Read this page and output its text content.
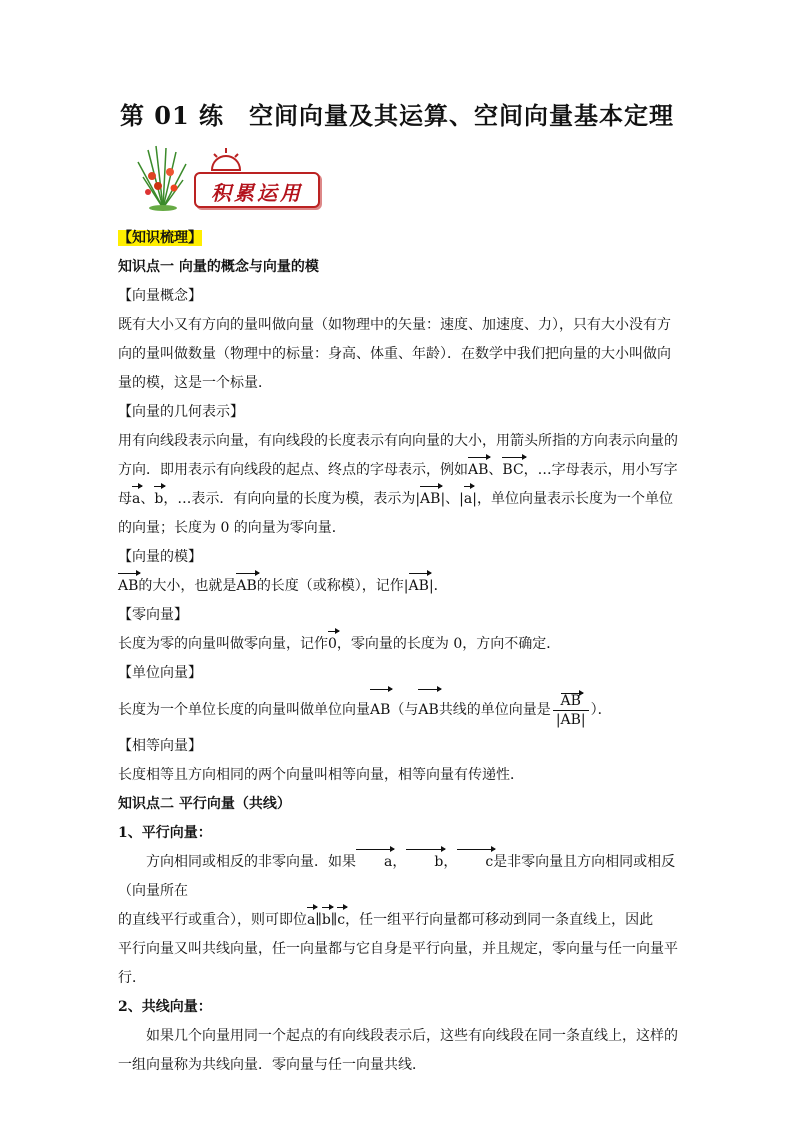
第 01 练　空间向量及其运算、空间向量基本定理
积累运用

【知识梳理】

知识点一 向量的概念与向量的模

【向量概念】

既有大小又有方向的量叫做向量（如物理中的矢量：速度、加速度、力），只有大小没有方

向的量叫做数量（物理中的标量：身高、体重、年龄）．在数学中我们把向量的大小叫做向

量的模，这是一个标量．

【向量的几何表示】

用有向线段表示向量，有向线段的长度表示有向向量的大小，用箭头所指的方向表示向量的

方向．即用表示有向线段的起点、终点的字母表示，例如AB、BC，…字母表示，用小写字

母a、b，…表示．有向向量的长度为模，表示为|AB|、|a|，单位向量表示长度为一个单位

的向量；长度为 0 的向量为零向量．

【向量的模】

AB的大小，也就是AB的长度（或称模），记作|AB|．

【零向量】

长度为零的向量叫做零向量，记作0，零向量的长度为 0，方向不确定．

【单位向量】

长度为一个单位长度的向量叫做单位向量AB（与AB共线的单位向量是 $\frac{AB}{|AB|}$ ）．

【相等向量】

长度相等且方向相同的两个向量叫相等向量，相等向量有传递性．

知识点二 平行向量（共线）

1、平行向量：

方向相同或相反的非零向量．如果 a， b， c是非零向量且方向相同或相反（向量所在

的直线平行或重合），则可即位a∥b∥c，任一组平行向量都可移动到同一条直线上，因此

平行向量又叫共线向量，任一向量都与它自身是平行向量，并且规定，零向量与任一向量平

行．

2、共线向量：

如果几个向量用同一个起点的有向线段表示后，这些有向线段在同一条直线上，这样的

一组向量称为共线向量．零向量与任一向量共线．
